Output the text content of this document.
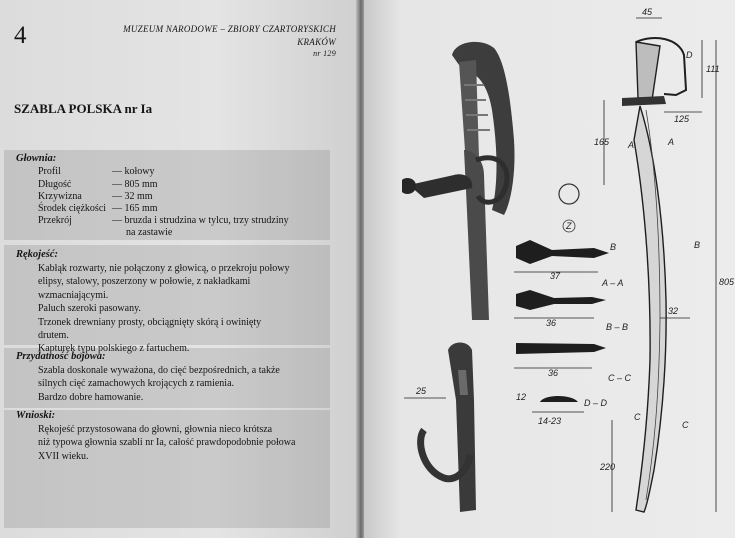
4	MUZEUM NARODOWE – ZBIORY CZARTORYSKICH
KRAKÓW
nr 129
SZABLA POLSKA nr Ia
Głownia:
Profil	— kołowy
Długość	— 805 mm
Krzywizna	— 32 mm
Środek ciężkości — 165 mm
Przekrój	— bruzda i strudzina w tylcu, trzy strudziny
na zastawie
Rękojeść:
Kabłąk rozwarty, nie połączony z głowicą, o przekroju połowy
elipsy, stalowy, poszerzony w połowie, z nakładkami
wzmacniającymi.
Paluch szeroki pasowany.
Trzonek drewniany prosty, obciągnięty skórą i owinięty
drutem.
Kapturek typu polskiego z fartuchem.
Przydatność bojowa:
Szabla doskonale wyważona, do cięć bezpośrednich, a także
silnych cięć zamachowych krojących z ramienia.
Bardzo dobre hamowanie.
Wnioski:
Rękojeść przystosowana do głowni, głownia nieco krótsza
niż typowa głownia szabli nr Ia, całość prawdopodobnie połowa
XVII wieku.
25
Z
37
A – A
36	B – B
36	C – C
14-23
12
D – D
45
111
125
165
805
32
220
D
A	A
B	B
C
C
